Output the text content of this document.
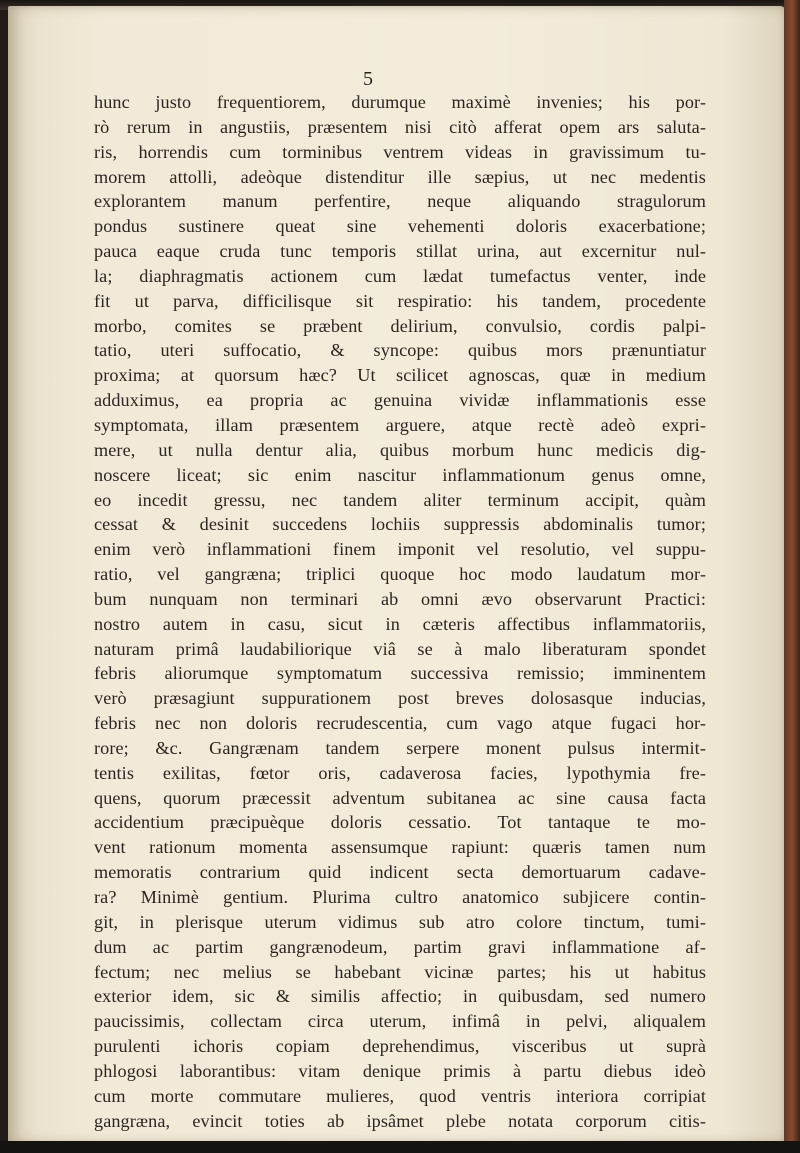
5
hunc justo frequentiorem, durumque maximè invenies; his por-
rò rerum in angustiis, præsentem nisi citò afferat opem ars saluta-
ris, horrendis cum torminibus ventrem videas in gravissimum tu-
morem attolli, adeòque distenditur ille sæpius, ut nec medentis
explorantem manum perfentire, neque aliquando stragulorum
pondus sustinere queat sine vehementi doloris exacerbatione;
pauca eaque cruda tunc temporis stillat urina, aut excernitur nul-
la; diaphragmatis actionem cum lædat tumefactus venter, inde
fit ut parva, difficilisque sit respiratio: his tandem, procedente
morbo, comites se præbent delirium, convulsio, cordis palpi-
tatio, uteri suffocatio, & syncope: quibus mors prænuntiatur
proxima; at quorsum hæc? Ut scilicet agnoscas, quæ in medium
adduximus, ea propria ac genuina vividæ inflammationis esse
symptomata, illam præsentem arguere, atque rectè adeò expri-
mere, ut nulla dentur alia, quibus morbum hunc medicis dig-
noscere liceat; sic enim nascitur inflammationum genus omne,
eo incedit gressu, nec tandem aliter terminum accipit, quàm
cessat & desinit succedens lochiis suppressis abdominalis tumor;
enim verò inflammationi finem imponit vel resolutio, vel suppu-
ratio, vel gangræna; triplici quoque hoc modo laudatum mor-
bum nunquam non terminari ab omni ævo observarunt Practici:
nostro autem in casu, sicut in cæteris affectibus inflammatoriis,
naturam primâ laudabiliorique viâ se à malo liberaturam spondet
febris aliorumque symptomatum successiva remissio; imminentem
verò præsagiunt suppurationem post breves dolosasque inducias,
febris nec non doloris recrudescentia, cum vago atque fugaci hor-
rore; &c. Gangrænam tandem serpere monent pulsus intermit-
tentis exilitas, fœtor oris, cadaverosa facies, lypothymia fre-
quens, quorum præcessit adventum subitanea ac sine causa facta
accidentium præcipuèque doloris cessatio. Tot tantaque te mo-
vent rationum momenta assensumque rapiunt: quæris tamen num
memoratis contrarium quid indicent secta demortuarum cadave-
ra? Minimè gentium. Plurima cultro anatomico subjicere contin-
git, in plerisque uterum vidimus sub atro colore tinctum, tumi-
dum ac partim gangrænodeum, partim gravi inflammatione af-
fectum; nec melius se habebant vicinæ partes; his ut habitus
exterior idem, sic & similis affectio; in quibusdam, sed numero
paucissimis, collectam circa uterum, infimâ in pelvi, aliqualem
purulenti ichoris copiam deprehendimus, visceribus ut suprà
phlogosi laborantibus: vitam denique primis à partu diebus ideò
cum morte commutare mulieres, quod ventris interiora corripiat
gangræna, evincit toties ab ipsâmet plebe notata corporum citis-
